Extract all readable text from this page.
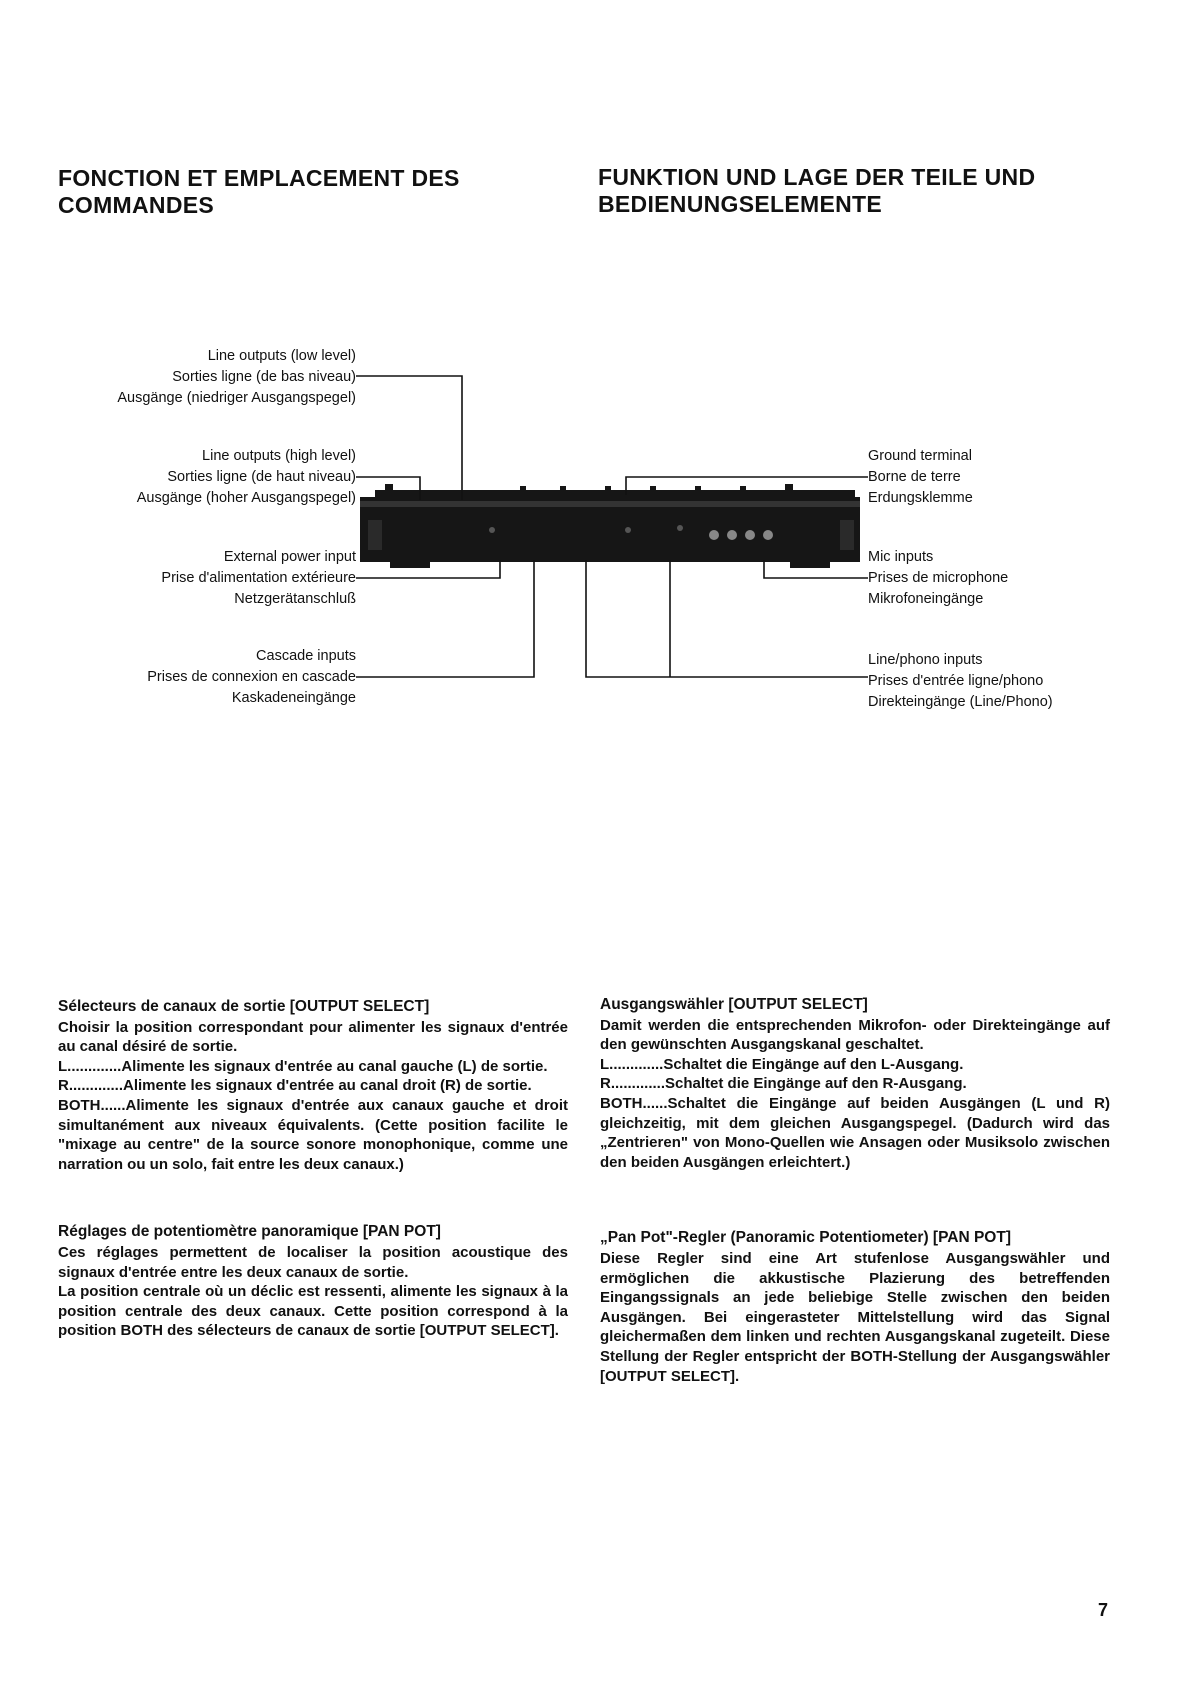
FONCTION ET EMPLACEMENT DES
COMMANDES
FUNKTION UND LAGE DER TEILE UND
BEDIENUNGSELEMENTE
Line outputs (low level)
Sorties ligne (de bas niveau)
Ausgänge (niedriger Ausgangspegel)
Line outputs (high level)
Sorties ligne (de haut niveau)
Ausgänge (hoher Ausgangspegel)
External power input
Prise d'alimentation extérieure
Netzgerätanschluß
Cascade inputs
Prises de connexion en cascade
Kaskadeneingänge
Ground terminal
Borne de terre
Erdungsklemme
Mic inputs
Prises de microphone
Mikrofoneingänge
Line/phono inputs
Prises d'entrée ligne/phono
Direkteingänge (Line/Phono)

Sélecteurs de canaux de sortie [OUTPUT SELECT]

Choisir la position correspondant pour alimenter les signaux d'entrée au canal désiré de sortie.

L.............Alimente les signaux d'entrée au canal gauche (L) de sortie.
R.............Alimente les signaux d'entrée au canal droit (R) de sortie.
BOTH......Alimente les signaux d'entrée aux canaux gauche et droit simultanément aux niveaux équivalents. (Cette position facilite le "mixage au centre" de la source sonore monophonique, comme une narration ou un solo, fait entre les deux canaux.)

Réglages de potentiomètre panoramique [PAN POT]

Ces réglages permettent de localiser la position acoustique des signaux d'entrée entre les deux canaux de sortie.

La position centrale où un déclic est ressenti, alimente les signaux à la position centrale des deux canaux. Cette position correspond à la position BOTH des sélecteurs de canaux de sortie [OUTPUT SELECT].

Ausgangswähler [OUTPUT SELECT]

Damit werden die entsprechenden Mikrofon- oder Direkteingänge auf den gewünschten Ausgangskanal geschaltet.

L.............Schaltet die Eingänge auf den L-Ausgang.
R.............Schaltet die Eingänge auf den R-Ausgang.
BOTH......Schaltet die Eingänge auf beiden Ausgängen (L und R) gleichzeitig, mit dem gleichen Ausgangspegel. (Dadurch wird das „Zentrieren" von Mono-Quellen wie Ansagen oder Musiksolo zwischen den beiden Ausgängen erleichtert.)

„Pan Pot"-Regler (Panoramic Potentiometer) [PAN POT]

Diese Regler sind eine Art stufenlose Ausgangswähler und ermöglichen die akkustische Plazierung des betreffenden Eingangssignals an jede beliebige Stelle zwischen den beiden Ausgängen. Bei eingerasteter Mittelstellung wird das Signal gleichermaßen dem linken und rechten Ausgangskanal zugeteilt. Diese Stellung der Regler entspricht der BOTH-Stellung der Ausgangswähler [OUTPUT SELECT].

7
